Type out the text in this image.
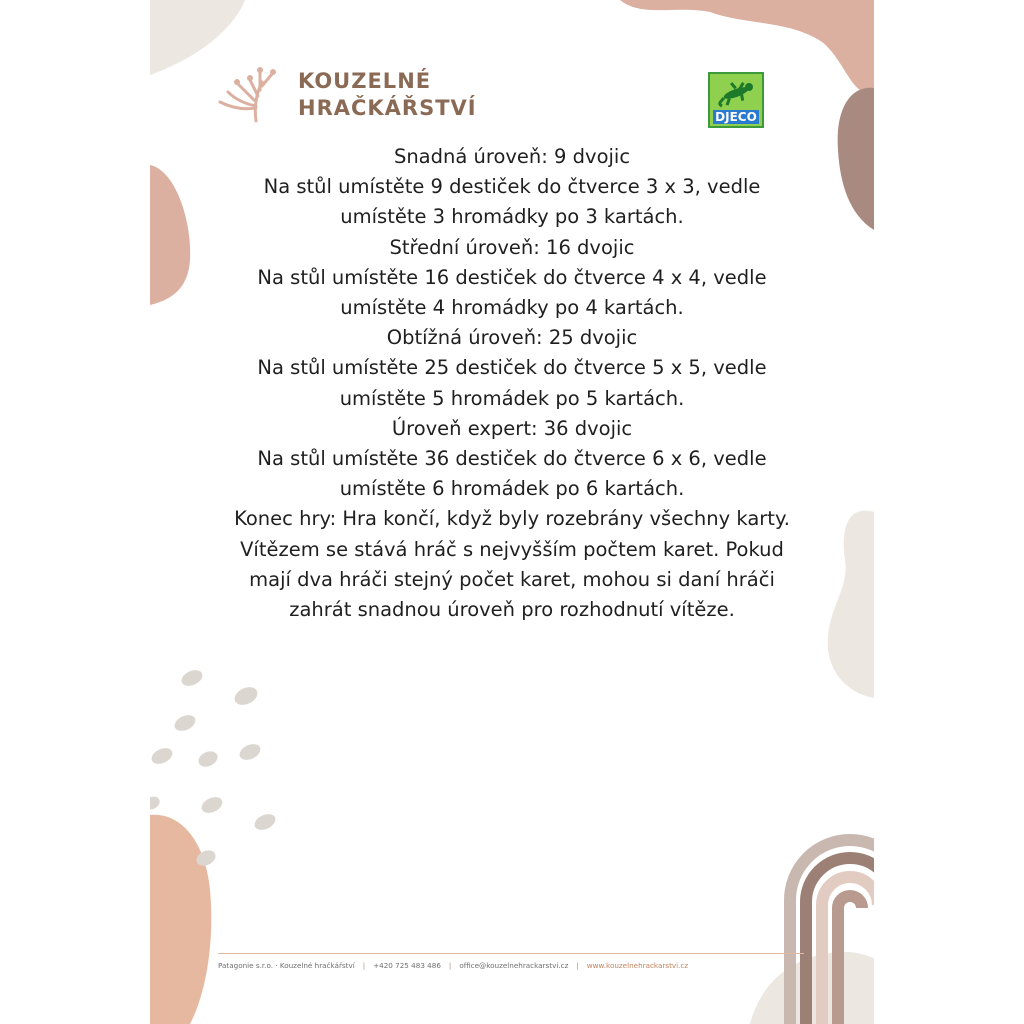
KOUZELNÉ
HRAČKÁŘSTVÍ	DJECO

Snadná úroveň: 9 dvojic

Na stůl umístěte 9 destiček do čtverce 3 x 3, vedle umístěte 3 hromádky po 3 kartách.

Střední úroveň: 16 dvojic

Na stůl umístěte 16 destiček do čtverce 4 x 4, vedle umístěte 4 hromádky po 4 kartách.

Obtížná úroveň: 25 dvojic

Na stůl umístěte 25 destiček do čtverce 5 x 5, vedle umístěte 5 hromádek po 5 kartách.

Úroveň expert: 36 dvojic

Na stůl umístěte 36 destiček do čtverce 6 x 6, vedle umístěte 6 hromádek po 6 kartách.

Konec hry: Hra končí, když byly rozebrány všechny karty. Vítězem se stává hráč s nejvyšším počtem karet. Pokud mají dva hráči stejný počet karet, mohou si daní hráči zahrát snadnou úroveň pro rozhodnutí vítěze.

Patagonie s.r.o. · Kouzelné hračkářství | +420 725 483 486 | office@kouzelnehrackarstvi.cz | www.kouzelnehrackarstvi.cz
